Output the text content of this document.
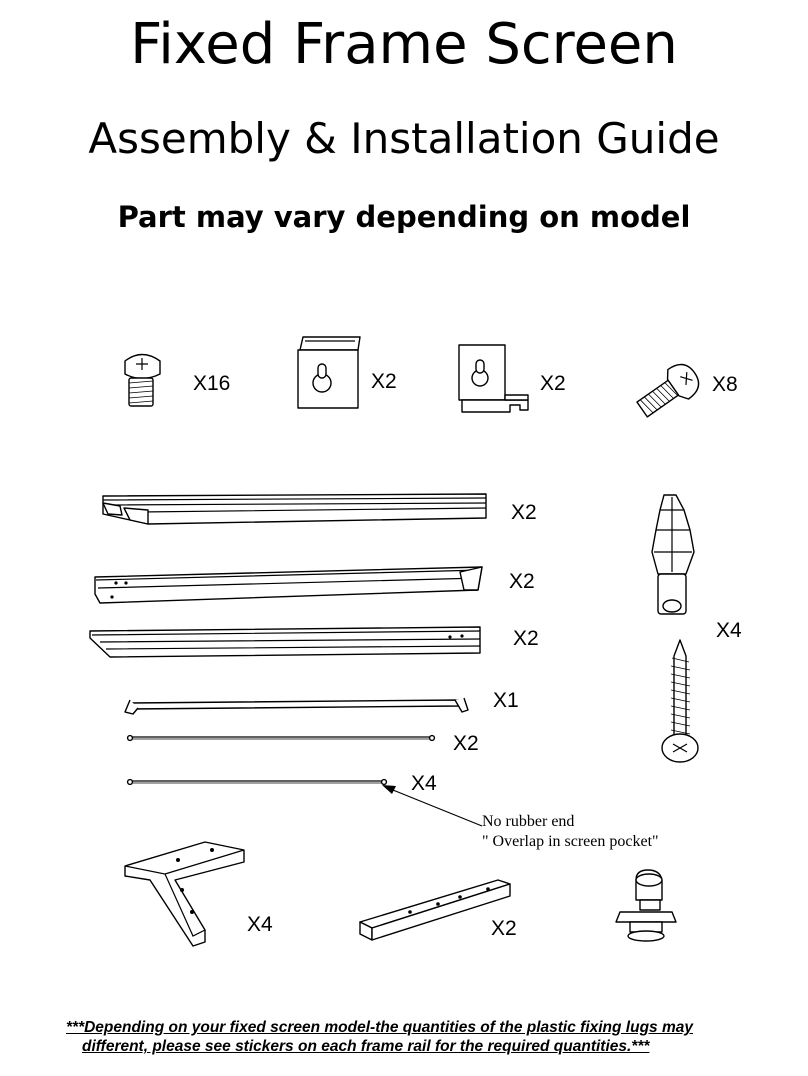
Fixed Frame Screen
Assembly & Installation Guide
Part may vary depending on model
X16	X2	X2	X8
X2
X2
X2	X4
X1
X2
X4
X4	X2
No rubber end
" Overlap in screen pocket"
***Depending on your fixed screen model-the quantities of the plastic fixing lugs may
different, please see stickers on each frame rail for the required quantities.***
